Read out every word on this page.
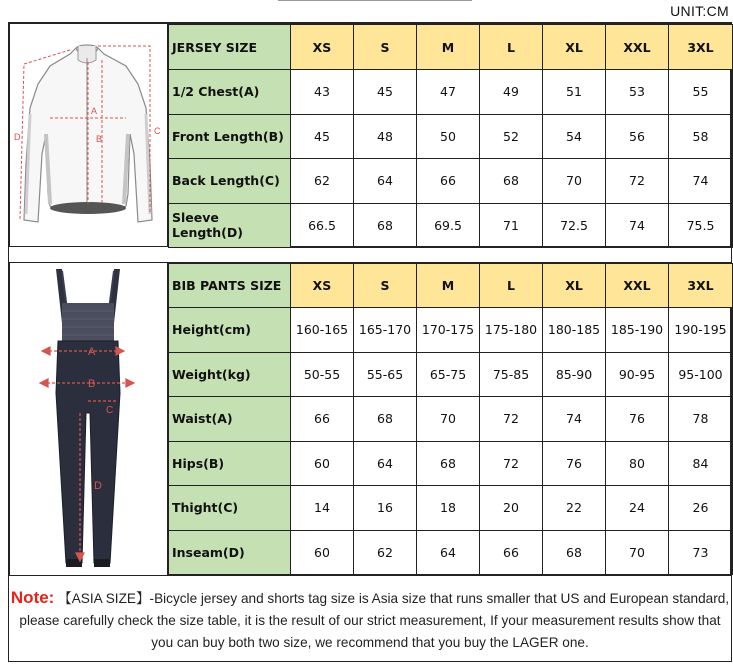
UNIT:CM
A
B
C
D
JERSEY SIZE	XS	S	M	L	XL	XXL	3XL
1/2 Chest(A)	43	45	47	49	51	53	55
Front Length(B)	45	48	50	52	54	56	58
Back Length(C)	62	64	66	68	70	72	74
Sleeve Length(D)	66.5	68	69.5	71	72.5	74	75.5
A
B
C
D
BIB PANTS SIZE	XS	S	M	L	XL	XXL	3XL
Height(cm)	160-165	165-170	170-175	175-180	180-185	185-190	190-195
Weight(kg)	50-55	55-65	65-75	75-85	85-90	90-95	95-100
Waist(A)	66	68	70	72	74	76	78
Hips(B)	60	64	68	72	76	80	84
Thight(C)	14	16	18	20	22	24	26
Inseam(D)	60	62	64	66	68	70	73
Note: 【ASIA SIZE】-Bicycle jersey and shorts tag size is Asia size that runs smaller that US and European standard, please carefully check the size table, it is the result of our strict measurement, If your measurement results show that you can buy both two size, we recommend that you buy the LAGER one.
